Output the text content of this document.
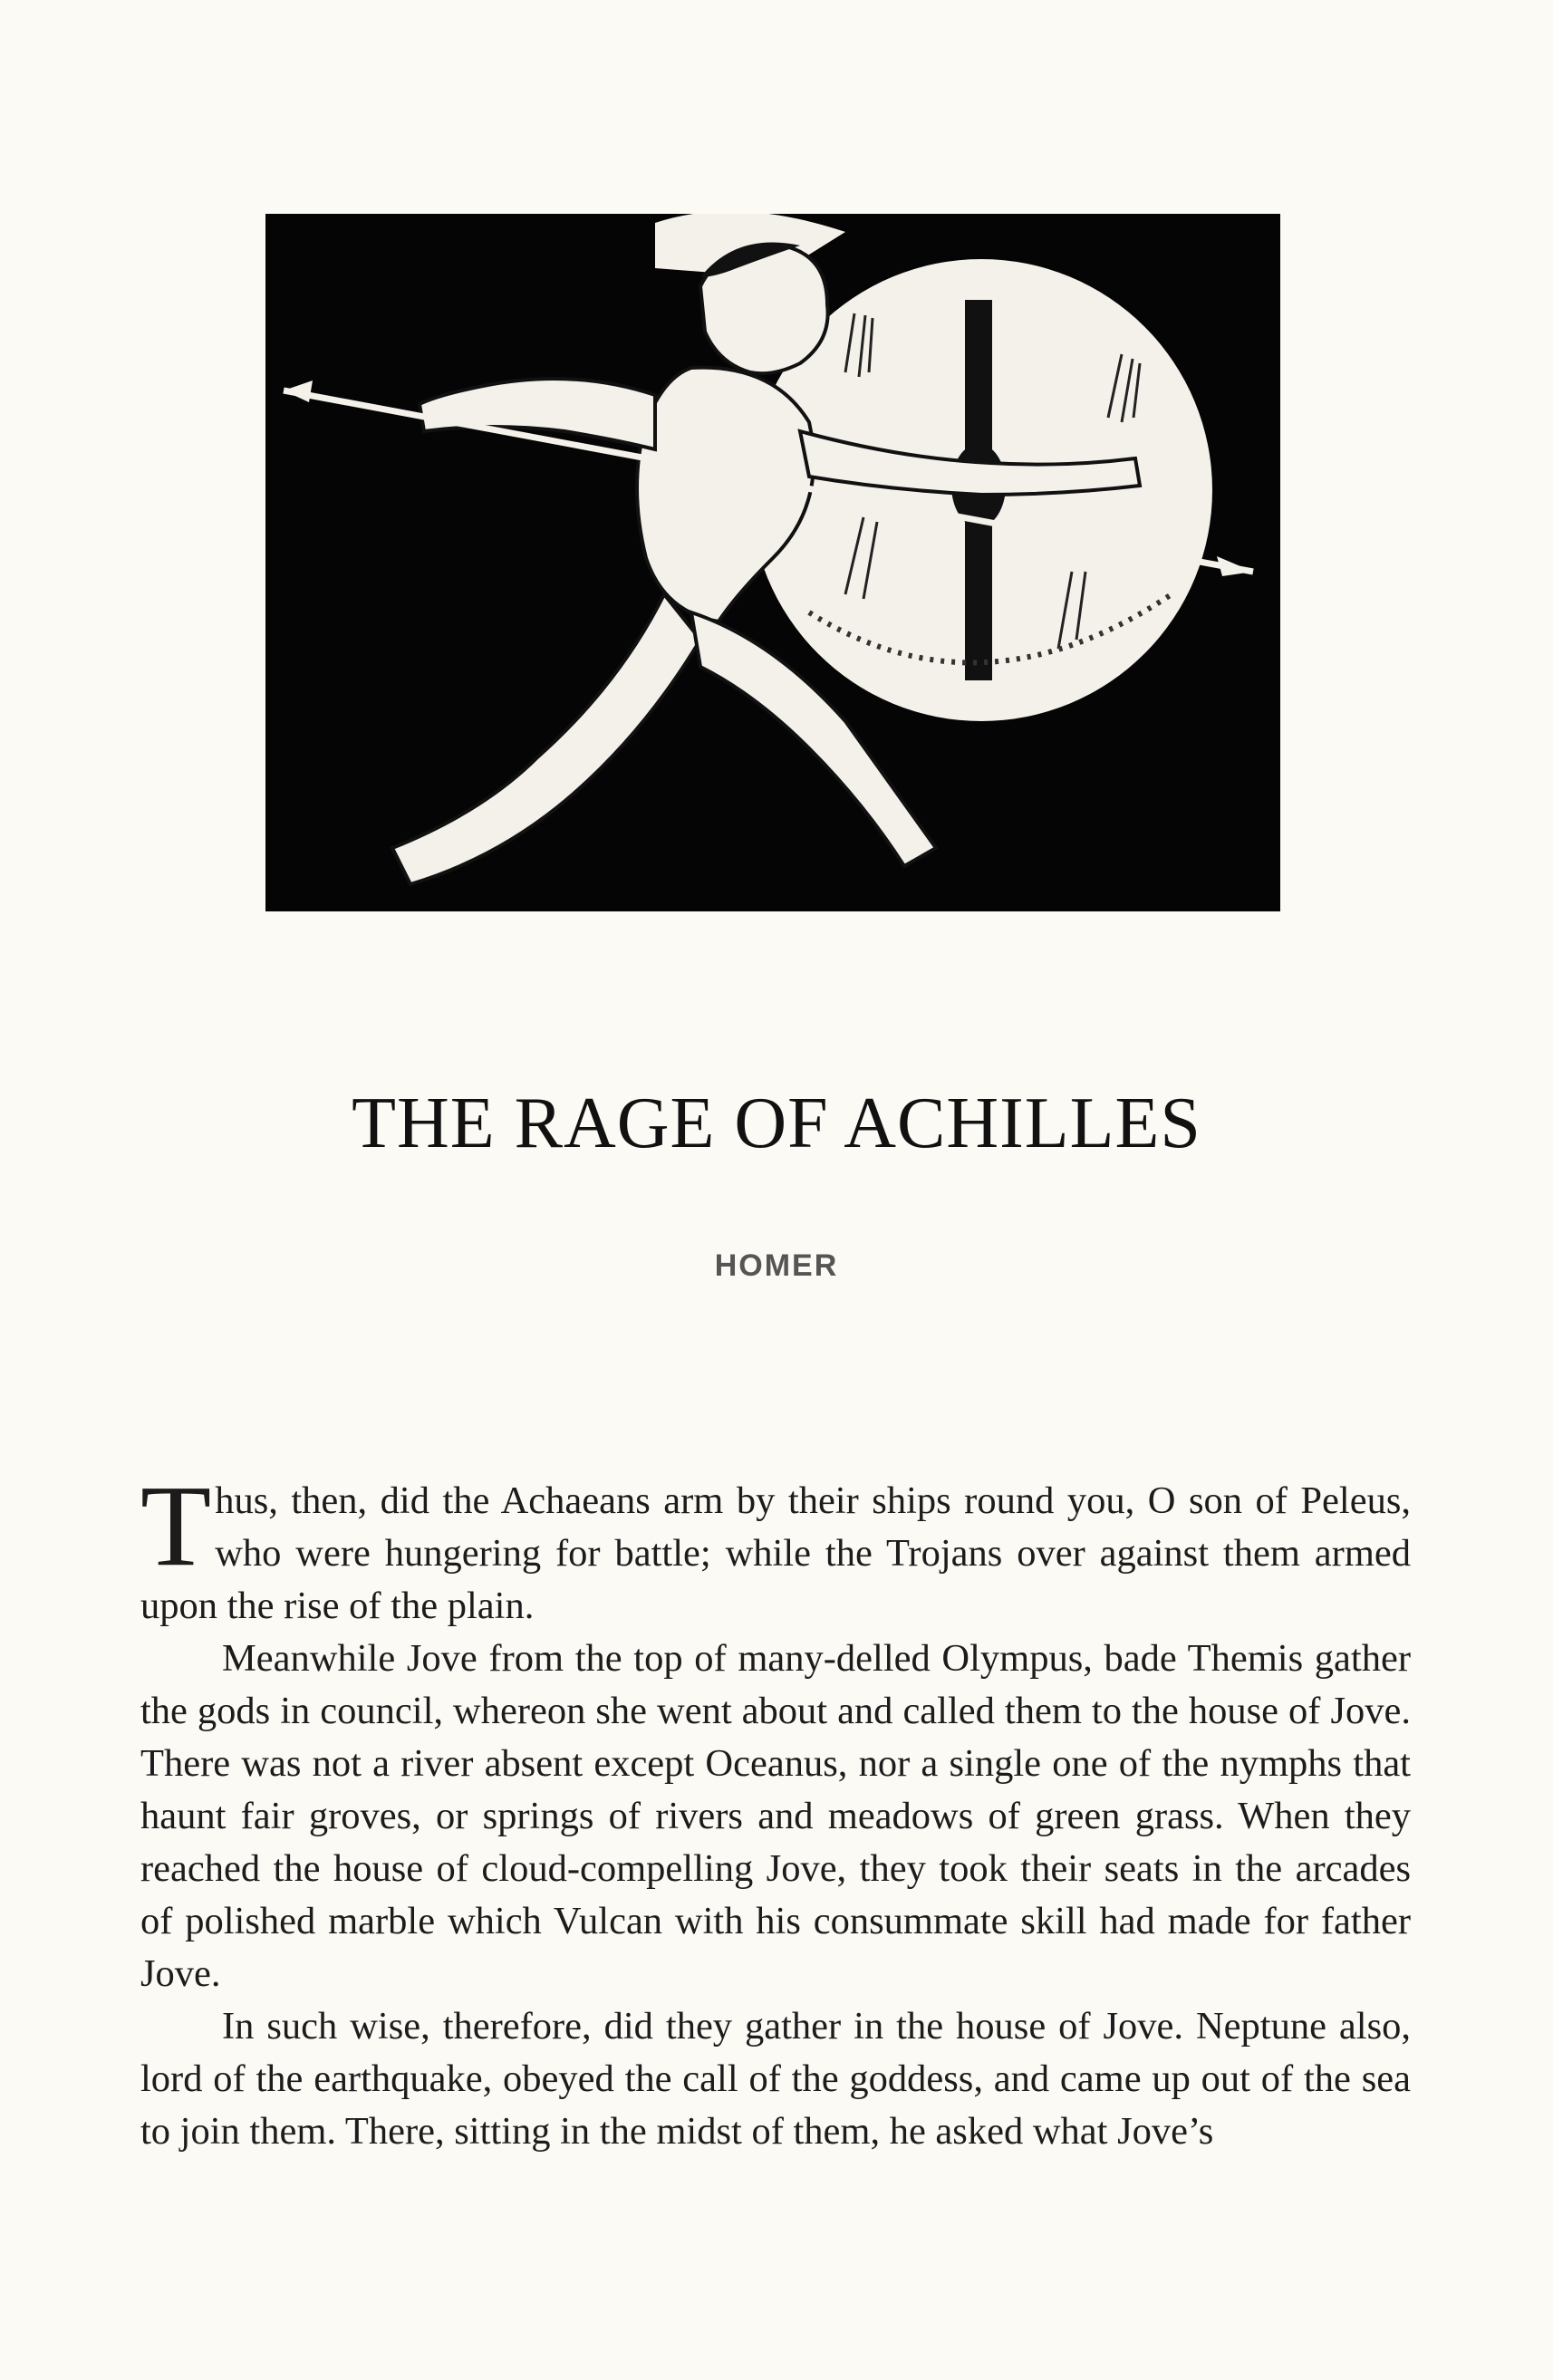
THE RAGE OF ACHILLES
HOMER

Thus, then, did the Achaeans arm by their ships round you, O son of Peleus, who were hungering for battle; while the Trojans over against them armed upon the rise of the plain.

Meanwhile Jove from the top of many-delled Olympus, bade Themis gather the gods in council, whereon she went about and called them to the house of Jove. There was not a river absent except Oceanus, nor a single one of the nymphs that haunt fair groves, or springs of rivers and meadows of green grass. When they reached the house of cloud-compelling Jove, they took their seats in the arcades of polished marble which Vulcan with his consummate skill had made for father Jove.

In such wise, therefore, did they gather in the house of Jove. Neptune also, lord of the earthquake, obeyed the call of the goddess, and came up out of the sea to join them. There, sitting in the midst of them, he asked what Jove’s
